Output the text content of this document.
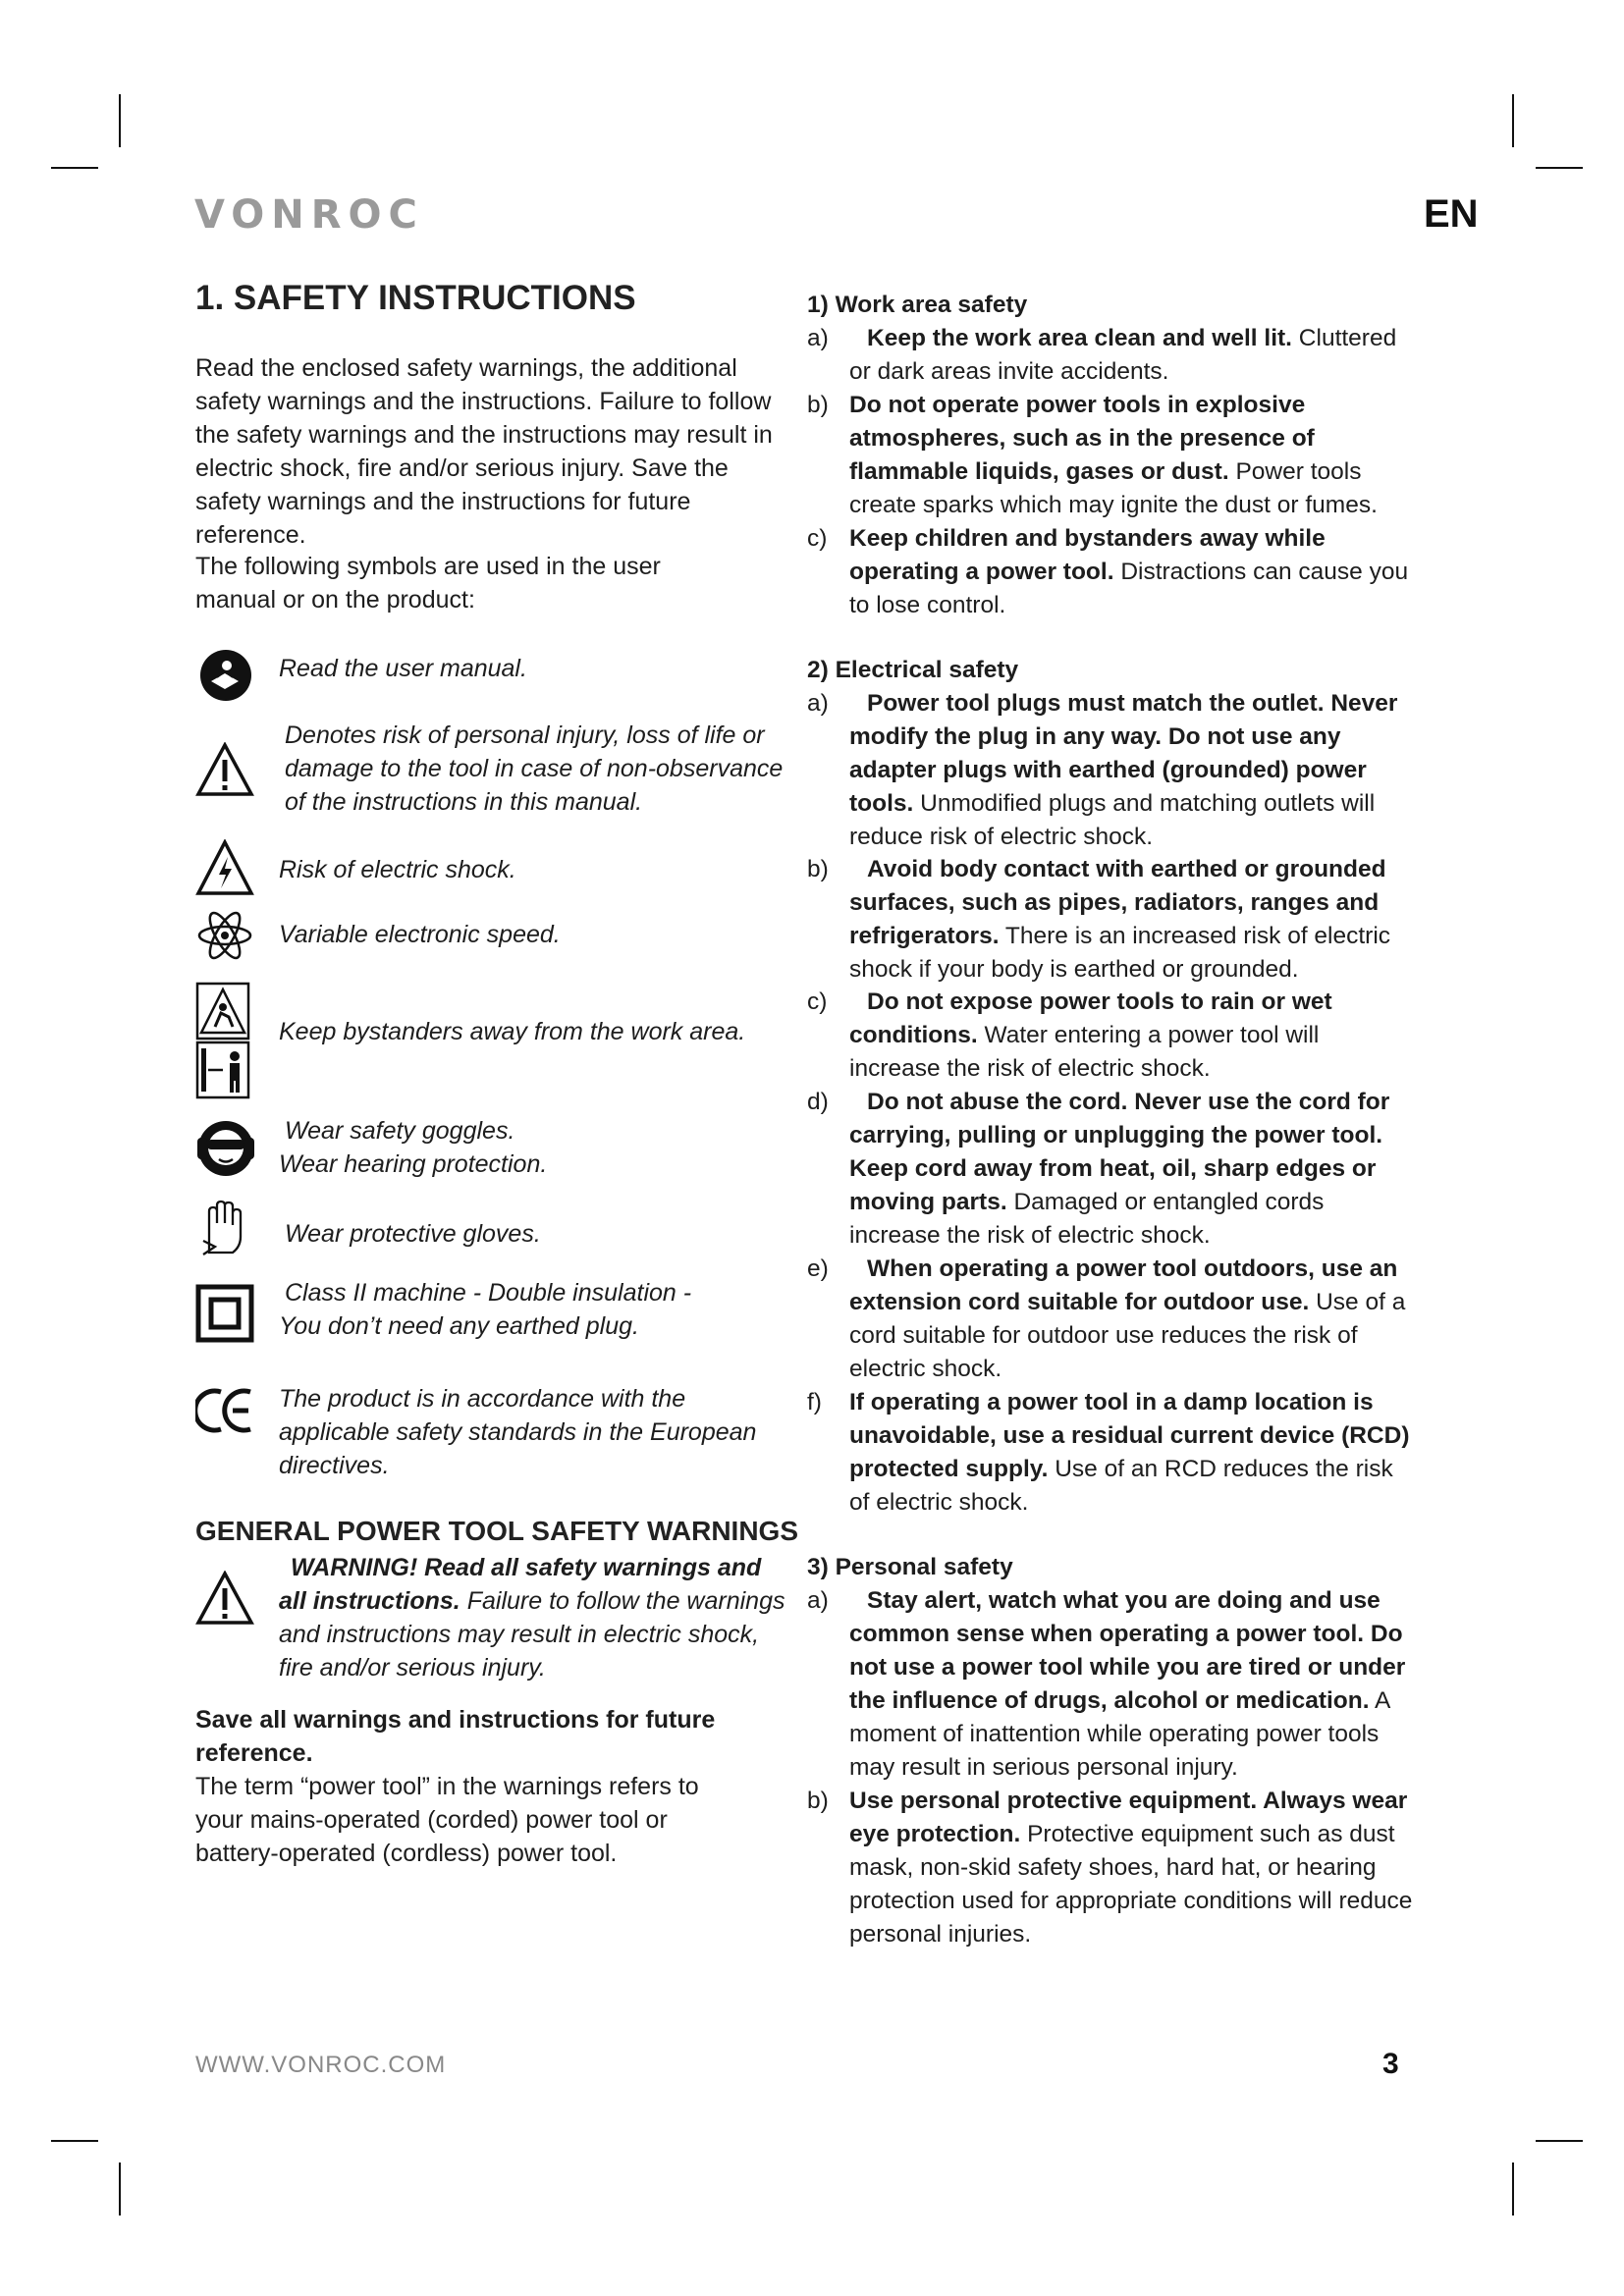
VONROC	EN
1. SAFETY INSTRUCTIONS

Read the enclosed safety warnings, the additional safety warnings and the instructions. Failure to follow the safety warnings and the instructions may result in electric shock, fire and/or serious injury. Save the safety warnings and the instructions for future reference.

The following symbols are used in the user manual or on the product:

Read the user manual.
Denotes risk of personal injury, loss of life or damage to the tool in case of non-observance of the instructions in this manual.
Risk of electric shock.
Variable electronic speed.
Keep bystanders away from the work area.
Wear safety goggles.
Wear hearing protection.
Wear protective gloves.
Class II machine - Double insulation -
You don’t need any earthed plug.
The product is in accordance with the applicable safety standards in the European directives.
GENERAL POWER TOOL SAFETY WARNINGS
WARNING! Read all safety warnings and all instructions. Failure to follow the warnings and instructions may result in electric shock, fire and/or serious injury.

Save all warnings and instructions for future reference.

The term “power tool” in the warnings refers to your mains-operated (corded) power tool or battery-operated (cordless) power tool.

1) Work area safety
a)	Keep the work area clean and well lit. Cluttered or dark areas invite accidents.
b) Do not operate power tools in explosive atmospheres, such as in the presence of flammable liquids, gases or dust. Power tools create sparks which may ignite the dust or fumes.
c) Keep children and bystanders away while operating a power tool. Distractions can cause you to lose control.
2) Electrical safety
a)	Power tool plugs must match the outlet. Never modify the plug in any way. Do not use any adapter plugs with earthed (grounded) power tools. Unmodified plugs and matching outlets will reduce risk of electric shock.
b)	Avoid body contact with earthed or grounded surfaces, such as pipes, radiators, ranges and refrigerators. There is an increased risk of electric shock if your body is earthed or grounded.
c)	Do not expose power tools to rain or wet conditions. Water entering a power tool will increase the risk of electric shock.
d)	Do not abuse the cord. Never use the cord for carrying, pulling or unplugging the power tool. Keep cord away from heat, oil, sharp edges or moving parts. Damaged or entangled cords increase the risk of electric shock.
e)	When operating a power tool outdoors, use an extension cord suitable for outdoor use. Use of a cord suitable for outdoor use reduces the risk of electric shock.
f) If operating a power tool in a damp location is unavoidable, use a residual current device (RCD) protected supply. Use of an RCD reduces the risk of electric shock.
3) Personal safety
a)	Stay alert, watch what you are doing and use common sense when operating a power tool. Do not use a power tool while you are tired or under the influence of drugs, alcohol or medication. A moment of inattention while operating power tools may result in serious personal injury.
b) Use personal protective equipment. Always wear eye protection. Protective equipment such as dust mask, non-skid safety shoes, hard hat, or hearing protection used for appropriate conditions will reduce personal injuries.
WWW.VONROC.COM	3
